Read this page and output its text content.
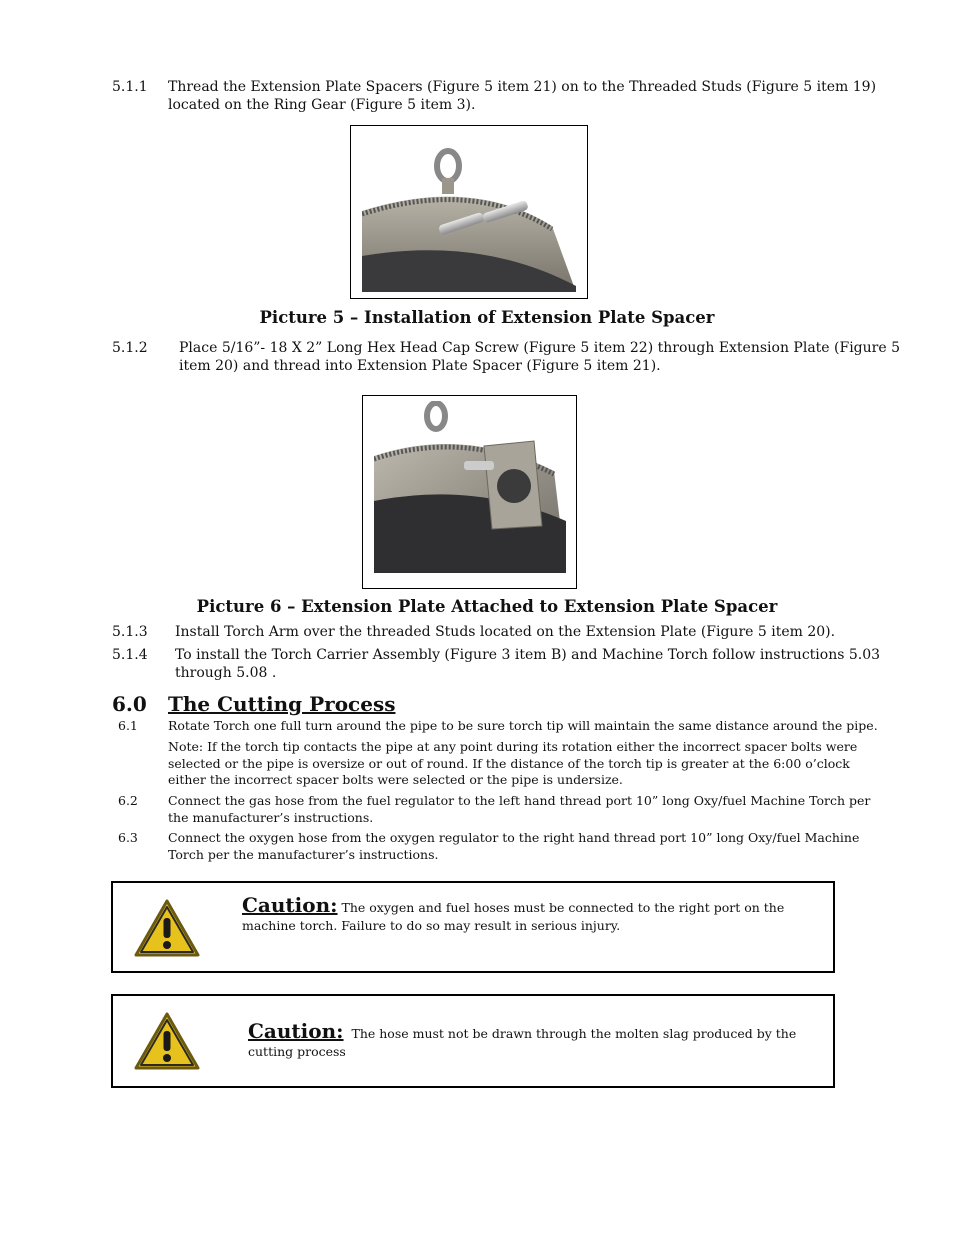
5.1.1 Thread the Extension Plate Spacers (Figure 5 item 21) on to the Threaded Studs (Figure 5 item 19)
located on the Ring Gear (Figure 5 item 3).
Picture 5 – Installation of Extension Plate Spacer
5.1.2 Place 5/16”- 18 X 2” Long Hex Head Cap Screw (Figure 5 item 22) through Extension Plate (Figure 5
item 20) and thread into Extension Plate Spacer (Figure 5 item 21).
Picture 6 – Extension Plate Attached to Extension Plate Spacer
5.1.3 Install Torch Arm over the threaded Studs located on the Extension Plate (Figure 5 item 20).
5.1.4 To install the Torch Carrier Assembly (Figure 3 item B) and Machine Torch follow instructions 5.03
through 5.08 .
6.0 The Cutting Process
6.1 Rotate Torch one full turn around the pipe to be sure torch tip will maintain the same distance around the pipe.
Note: If the torch tip contacts the pipe at any point during its rotation either the incorrect spacer bolts were
selected or the pipe is oversize or out of round. If the distance of the torch tip is greater at the 6:00 o’clock
either the incorrect spacer bolts were selected or the pipe is undersize.
6.2 Connect the gas hose from the fuel regulator to the left hand thread port 10” long Oxy/fuel Machine Torch per
the manufacturer’s instructions.
6.3 Connect the oxygen hose from the oxygen regulator to the right hand thread port 10” long Oxy/fuel Machine
Torch per the manufacturer’s instructions.
Caution: The oxygen and fuel hoses must be connected to the right port on the
machine torch. Failure to do so may result in serious injury.
Caution: The hose must not be drawn through the molten slag produced by the
cutting process
